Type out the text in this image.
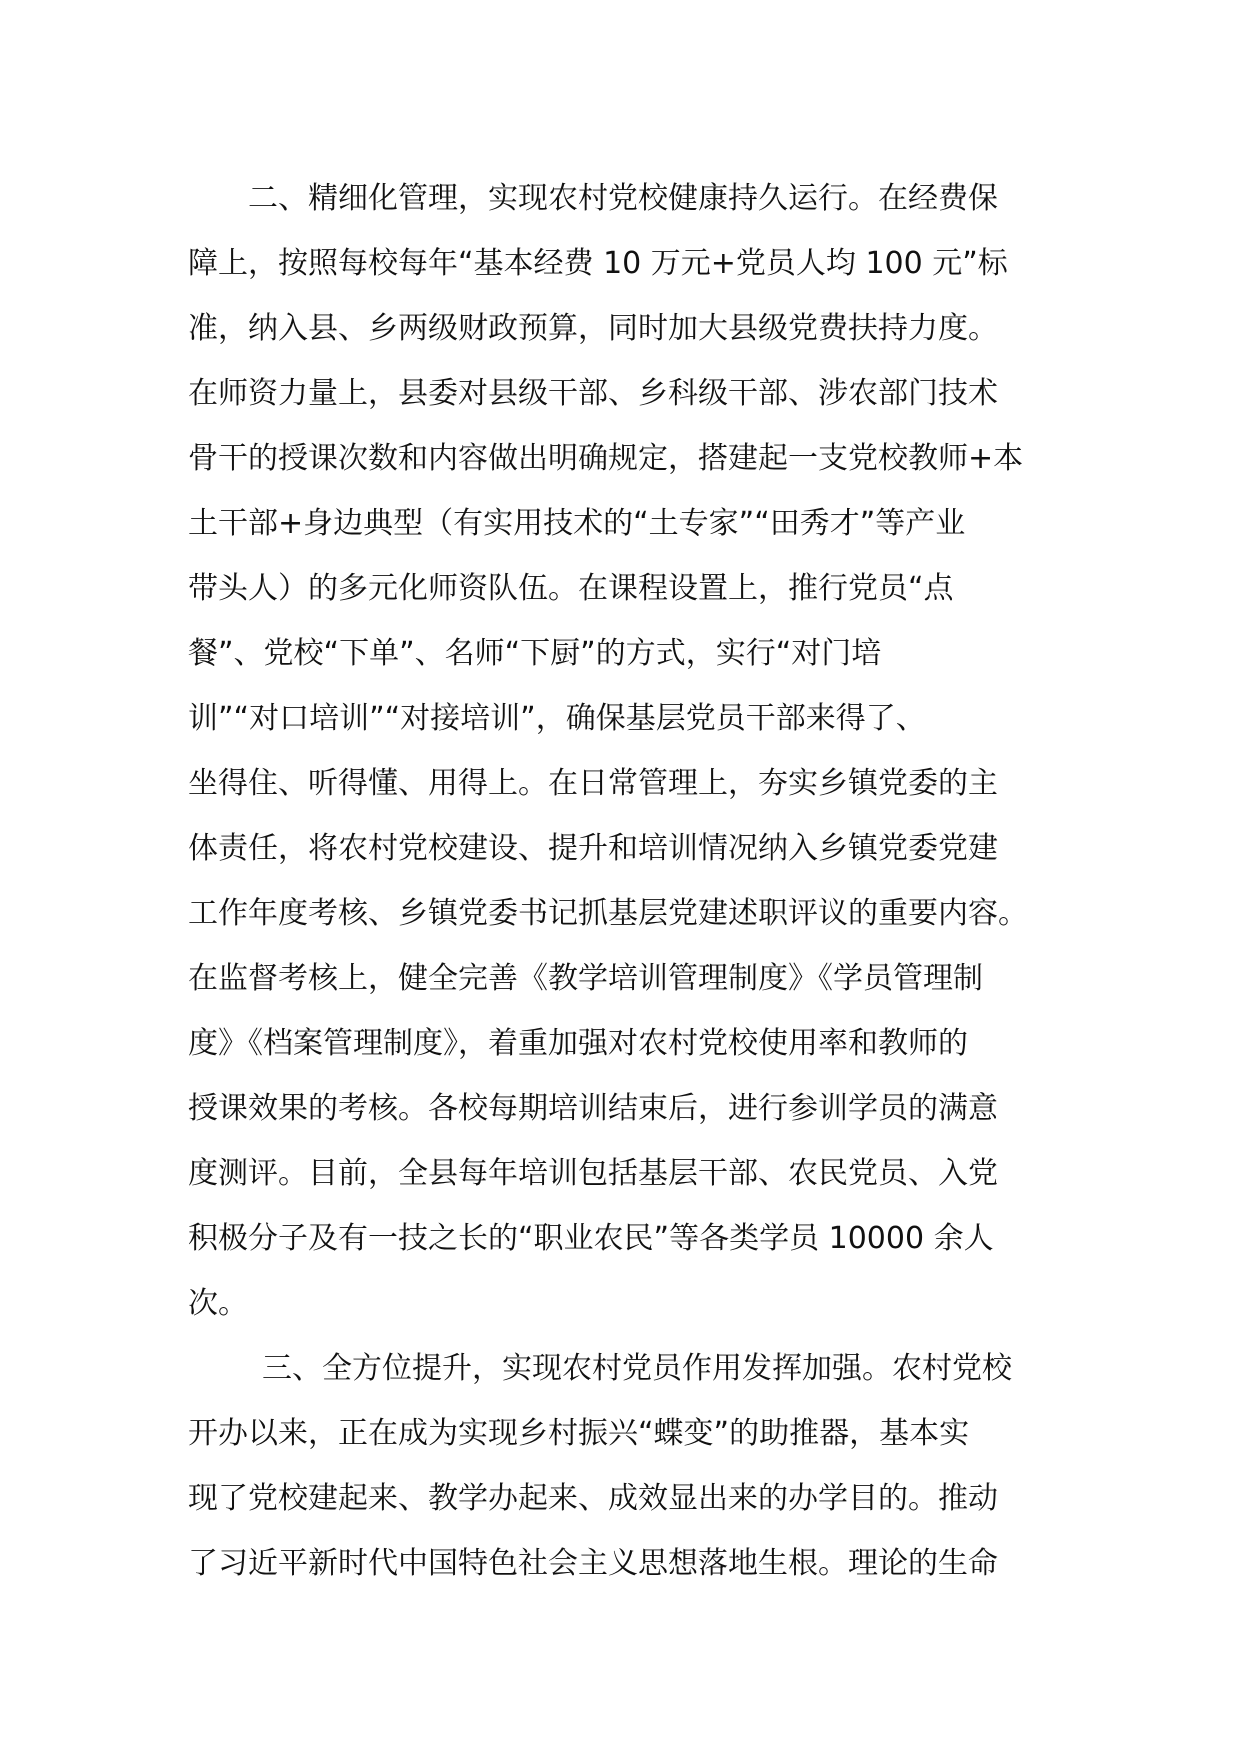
二、精细化管理，实现农村党校健康持久运行。在经费保
障上，按照每校每年“基本经费 10 万元+党员人均 100 元”标
准，纳入县、乡两级财政预算，同时加大县级党费扶持力度。
在师资力量上，县委对县级干部、乡科级干部、涉农部门技术
骨干的授课次数和内容做出明确规定，搭建起一支党校教师+本
土干部+身边典型（有实用技术的“土专家”“田秀才”等产业
带头人）的多元化师资队伍。在课程设置上，推行党员“点
餐”、党校“下单”、名师“下厨”的方式，实行“对门培
训”“对口培训”“对接培训”，确保基层党员干部来得了、
坐得住、听得懂、用得上。在日常管理上，夯实乡镇党委的主
体责任，将农村党校建设、提升和培训情况纳入乡镇党委党建
工作年度考核、乡镇党委书记抓基层党建述职评议的重要内容。
在监督考核上，健全完善《教学培训管理制度》《学员管理制
度》《档案管理制度》，着重加强对农村党校使用率和教师的
授课效果的考核。各校每期培训结束后，进行参训学员的满意
度测评。目前，全县每年培训包括基层干部、农民党员、入党
积极分子及有一技之长的“职业农民”等各类学员 10000 余人
次。
三、全方位提升，实现农村党员作用发挥加强。农村党校
开办以来，正在成为实现乡村振兴“蝶变”的助推器，基本实
现了党校建起来、教学办起来、成效显出来的办学目的。推动
了习近平新时代中国特色社会主义思想落地生根。理论的生命
